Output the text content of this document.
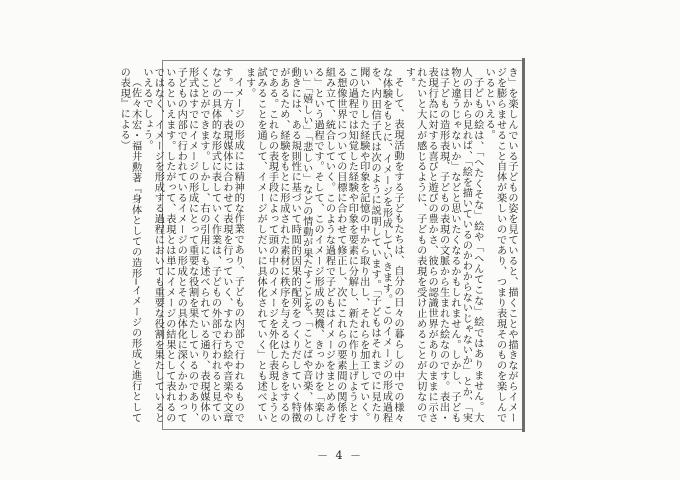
き」を楽しんでいる子どもの姿を見ていると、描くことや描きながらイメージを膨らませること自体が楽しいのであり、つまり表現そのものを楽しんでいるといえる。

子どもの絵は、「へたくそな」絵や「へんてこな」絵ではありません。大人の目から見れば、「絵を描いているのかわからないじゃないか」とか、「実物と違うじゃないか」などと思いたくなるかもしれません。しかし、子どもは子どもの造形表現、子どもの表現の文脈から生まれた絵なのです。表出・表現行為に対する喜びと遊びの豊かさ、彼らの認識世界がありのままに示されたいと大人が感じるように、子どもの表現を受け止めることが大切なのです。

そして、表現活動をする子どもたちは、自分の日々の暮らしの中での様々な体験をもとに、イメージを形成していきます。このイメージの形成過程を、内田信子氏は次のように説明しています。「子どもはそれまでに見たり聞いたりした経験や印象を記憶の中から取り出し、それらを加工していく。この過程では知覚した経験や印象を要素に分解し、新たに作り上げようとする想像世界についての目標に合わせて修正し、次にこれらの要素間の関係を組み立て、統合していく。このような過程で子どもはイメージをまとめあげる」という過程です。そして、このイメージ形成の契機、きっかけを「楽しい」「嬉しい」「悲しい」などの情動が果たすことを、「ことばや音楽、体の動きには、ある規則性に基づいて時間的因果的配列をつくりだしていく特徴があるため、経験をもとに形成された素材に秩序を与えるはたらきをするのである。これらの表現手段によって頭の中のイメージを外化し表現しようと試みることを通して、イメージがしだいに具体化されていく」とも述べています。

イメージの形成には精神的な作業であり、子どもの内部で行われるものです。一方、表現媒体に合わせて表現を行っていく、すなわち絵や音楽や文章などの具体的な形式に表していく作業は、子どもの外部で行われると見ていくことができます。しかし、右の引用にも述べられている通り、表現媒体の形式はすでにイメージの形成にとって重要な役割を果たしているのであり、子どもの内部で行われているイメージの形成とその具体化に深くかかわっているといえます。したがって、表現とは単にイメージの結果として表れるのではなく、イメージを形成する過程においても重要な役割を果たしているといえるでしょう。

（佐々木宏・福井勲著『身体としての造形─イメージの形成と進行としての表現』による）

－ 4 －
